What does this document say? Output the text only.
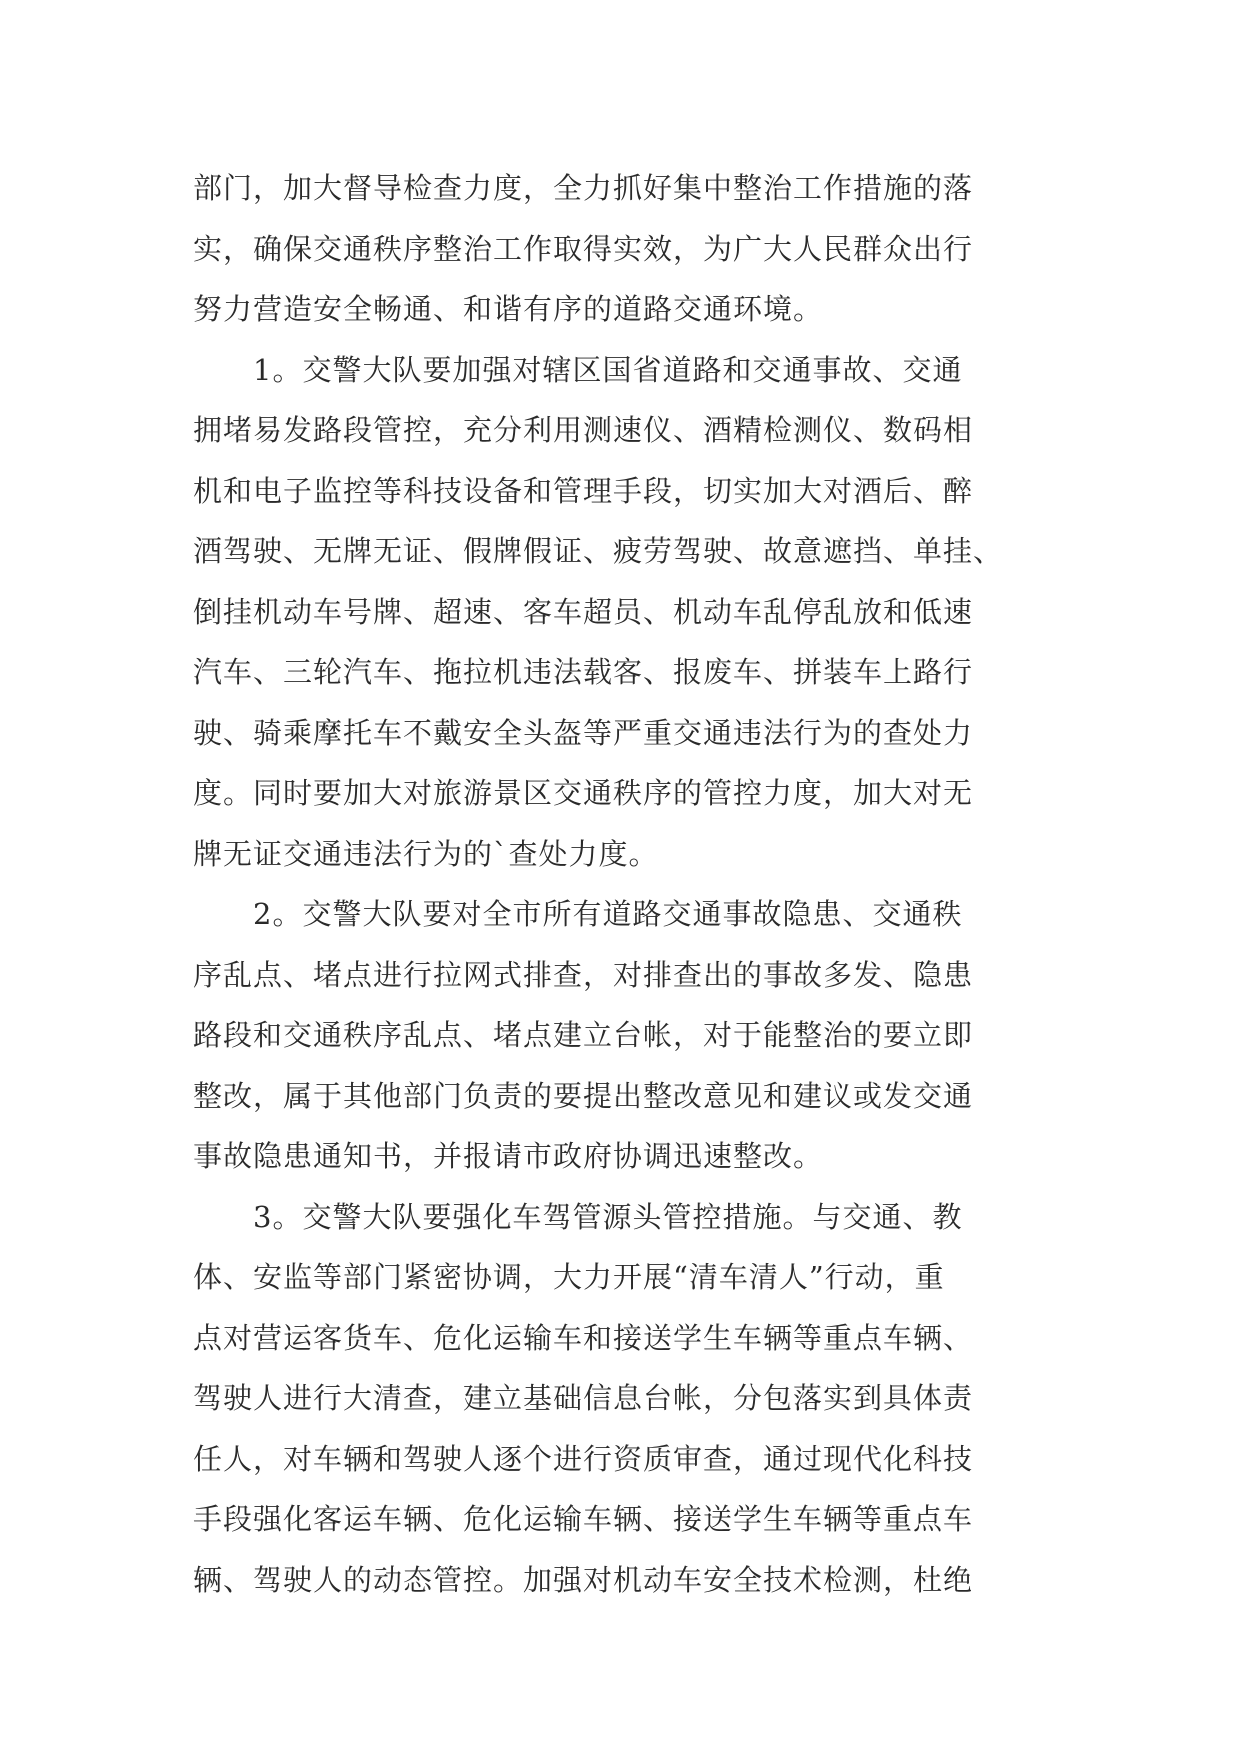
部门，加大督导检查力度，全力抓好集中整治工作措施的落
实，确保交通秩序整治工作取得实效，为广大人民群众出行
努力营造安全畅通、和谐有序的道路交通环境。
　　1。交警大队要加强对辖区国省道路和交通事故、交通
拥堵易发路段管控，充分利用测速仪、酒精检测仪、数码相
机和电子监控等科技设备和管理手段，切实加大对酒后、醉
酒驾驶、无牌无证、假牌假证、疲劳驾驶、故意遮挡、单挂、
倒挂机动车号牌、超速、客车超员、机动车乱停乱放和低速
汽车、三轮汽车、拖拉机违法载客、报废车、拼装车上路行
驶、骑乘摩托车不戴安全头盔等严重交通违法行为的查处力
度。同时要加大对旅游景区交通秩序的管控力度，加大对无
牌无证交通违法行为的`查处力度。
　　2。交警大队要对全市所有道路交通事故隐患、交通秩
序乱点、堵点进行拉网式排查，对排查出的事故多发、隐患
路段和交通秩序乱点、堵点建立台帐，对于能整治的要立即
整改，属于其他部门负责的要提出整改意见和建议或发交通
事故隐患通知书，并报请市政府协调迅速整改。
　　3。交警大队要强化车驾管源头管控措施。与交通、教
体、安监等部门紧密协调，大力开展“清车清人”行动，重
点对营运客货车、危化运输车和接送学生车辆等重点车辆、
驾驶人进行大清查，建立基础信息台帐，分包落实到具体责
任人，对车辆和驾驶人逐个进行资质审查，通过现代化科技
手段强化客运车辆、危化运输车辆、接送学生车辆等重点车
辆、驾驶人的动态管控。加强对机动车安全技术检测，杜绝
